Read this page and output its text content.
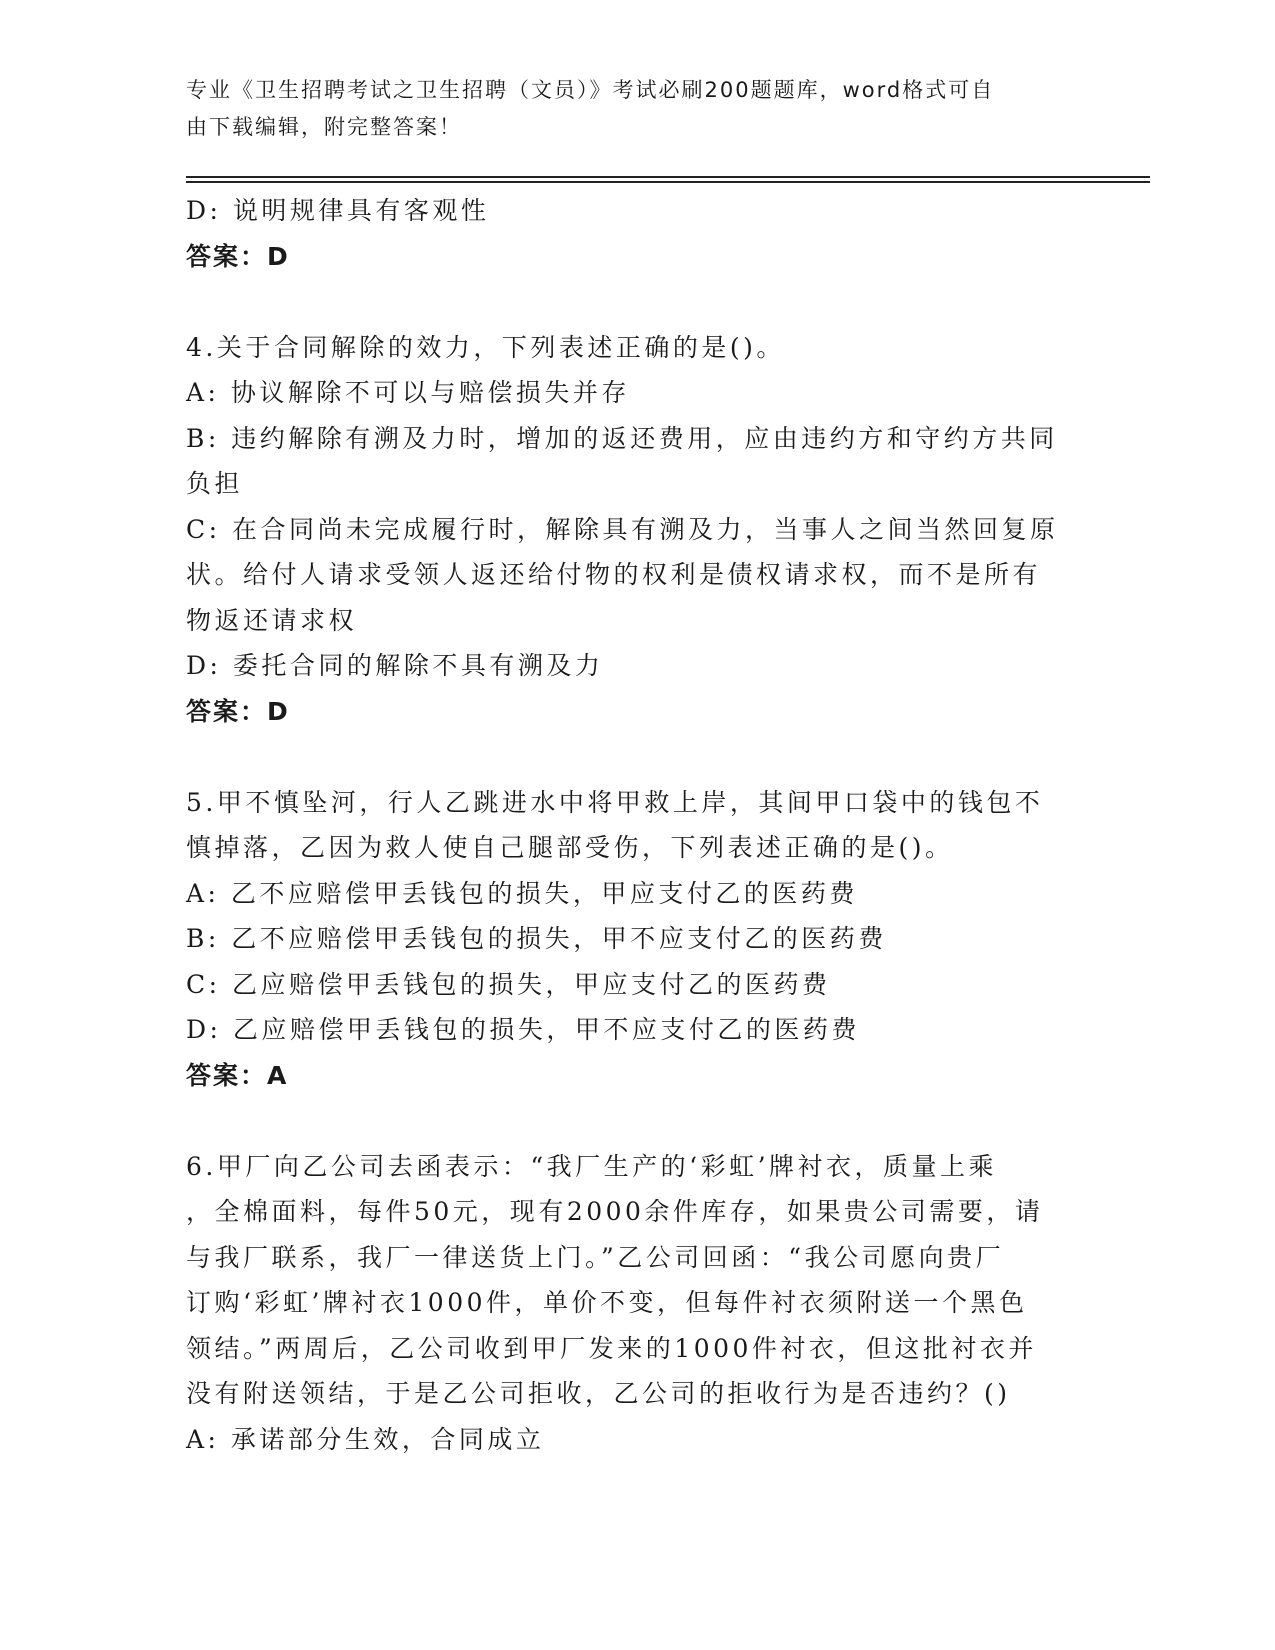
专业《卫生招聘考试之卫生招聘（文员）》考试必刷200题题库，word格式可自
由下载编辑，附完整答案！

D: 说明规律具有客观性

答案：D

4.关于合同解除的效力，下列表述正确的是()。

A: 协议解除不可以与赔偿损失并存

B: 违约解除有溯及力时，增加的返还费用，应由违约方和守约方共同

负担

C: 在合同尚未完成履行时，解除具有溯及力，当事人之间当然回复原

状。给付人请求受领人返还给付物的权利是债权请求权，而不是所有

物返还请求权

D: 委托合同的解除不具有溯及力

答案：D

5.甲不慎坠河，行人乙跳进水中将甲救上岸，其间甲口袋中的钱包不

慎掉落，乙因为救人使自己腿部受伤，下列表述正确的是()。

A: 乙不应赔偿甲丢钱包的损失，甲应支付乙的医药费

B: 乙不应赔偿甲丢钱包的损失，甲不应支付乙的医药费

C: 乙应赔偿甲丢钱包的损失，甲应支付乙的医药费

D: 乙应赔偿甲丢钱包的损失，甲不应支付乙的医药费

答案：A

6.甲厂向乙公司去函表示：“我厂生产的‘彩虹’牌衬衣，质量上乘

，全棉面料，每件50元，现有2000余件库存，如果贵公司需要，请

与我厂联系，我厂一律送货上门。”乙公司回函：“我公司愿向贵厂

订购‘彩虹’牌衬衣1000件，单价不变，但每件衬衣须附送一个黑色

领结。”两周后，乙公司收到甲厂发来的1000件衬衣，但这批衬衣并

没有附送领结，于是乙公司拒收，乙公司的拒收行为是否违约？()

A: 承诺部分生效，合同成立
